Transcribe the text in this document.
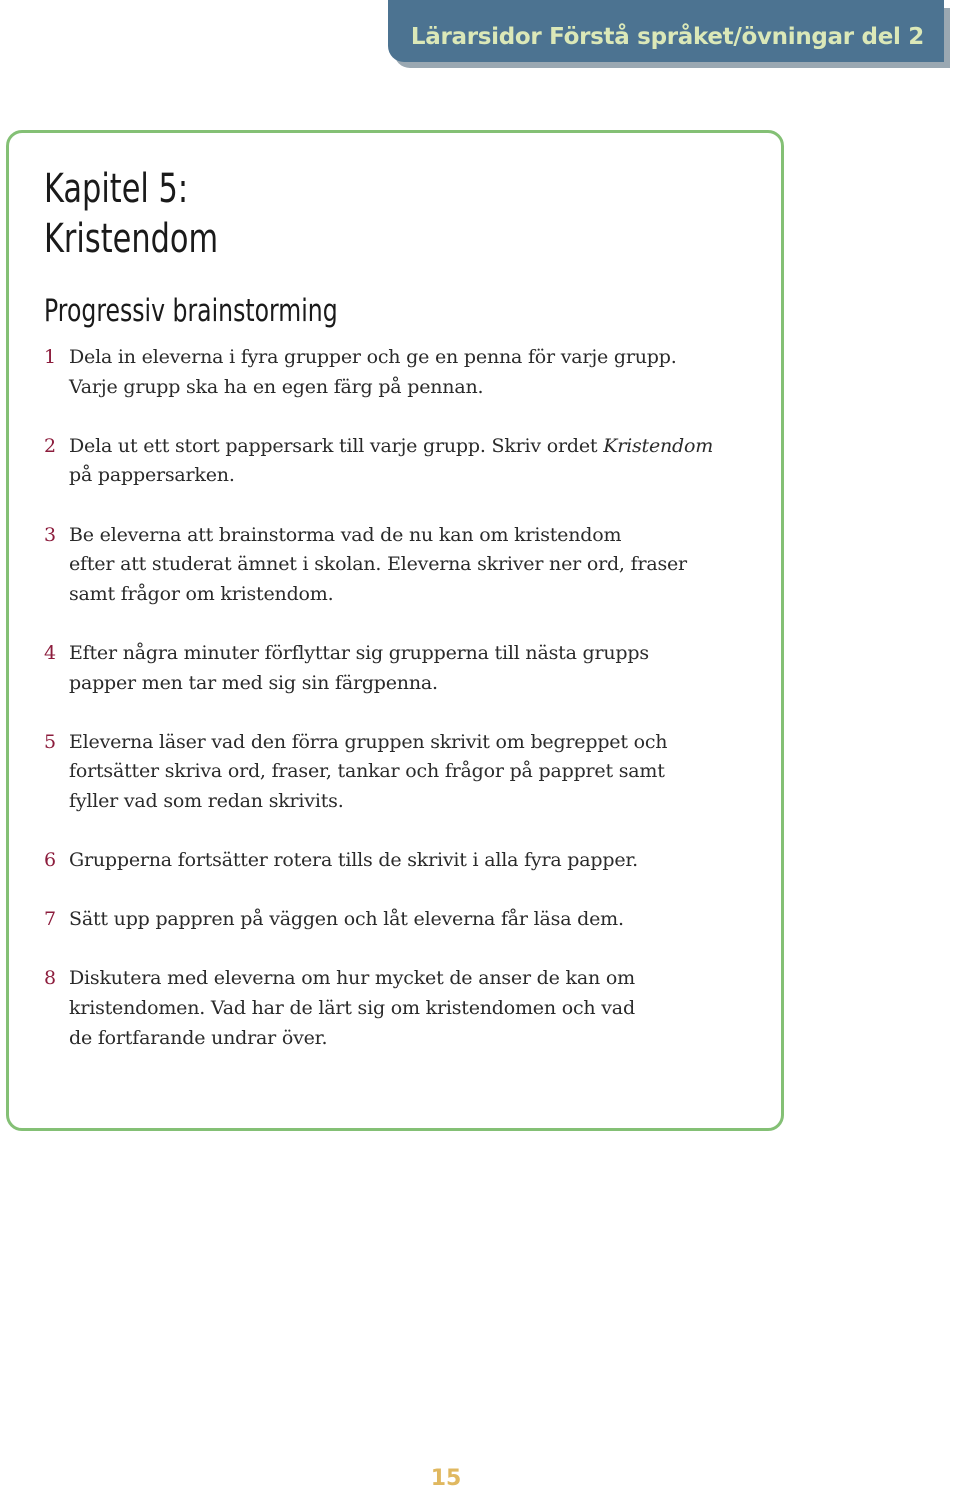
Lärarsidor Förstå språket/övningar del 2
Kapitel 5:
Kristendom
Progressiv brainstorming
1 Dela in eleverna i fyra grupper och ge en penna för varje grupp.
Varje grupp ska ha en egen färg på pennan.
2 Dela ut ett stort pappersark till varje grupp. Skriv ordet Kristendom
på pappersarken.
3 Be eleverna att brainstorma vad de nu kan om kristendom
efter att studerat ämnet i skolan. Eleverna skriver ner ord, fraser
samt frågor om kristendom.
4 Efter några minuter förflyttar sig grupperna till nästa grupps
papper men tar med sig sin färgpenna.
5 Eleverna läser vad den förra gruppen skrivit om begreppet och
fortsätter skriva ord, fraser, tankar och frågor på pappret samt
fyller vad som redan skrivits.
6 Grupperna fortsätter rotera tills de skrivit i alla fyra papper.
7 Sätt upp pappren på väggen och låt eleverna får läsa dem.
8 Diskutera med eleverna om hur mycket de anser de kan om
kristendomen. Vad har de lärt sig om kristendomen och vad
de fortfarande undrar över.
15
